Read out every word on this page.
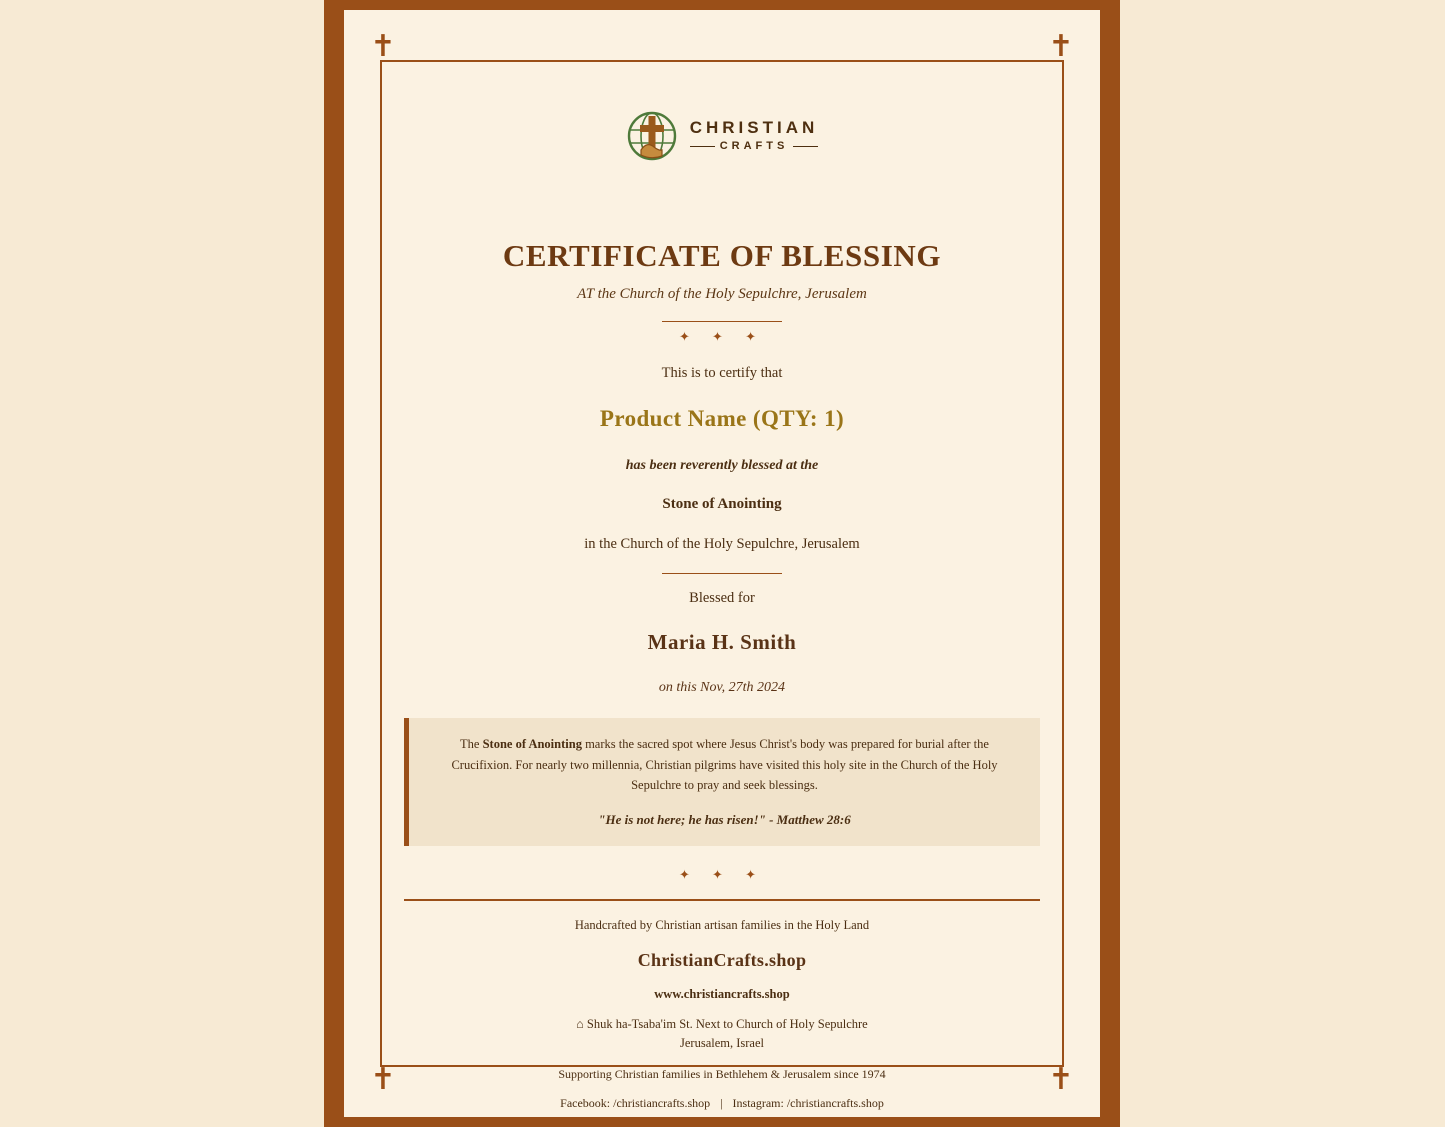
✝	✝
✝	✝
CHRISTIAN
CRAFTS
CERTIFICATE OF BLESSING
AT the Church of the Holy Sepulchre, Jerusalem
✦ ✦ ✦
This is to certify that
Product Name (QTY: 1)
has been reverently blessed at the
Stone of Anointing
in the Church of the Holy Sepulchre, Jerusalem
Blessed for
Maria H. Smith
on this Nov, 27th 2024
The Stone of Anointing marks the sacred spot where Jesus Christ's body was prepared for burial after the Crucifixion. For nearly two millennia, Christian pilgrims have visited this holy site in the Church of the Holy Sepulchre to pray and seek blessings.
"He is not here; he has risen!" - Matthew 28:6
✦ ✦ ✦
Handcrafted by Christian artisan families in the Holy Land
ChristianCrafts.shop
www.christiancrafts.shop
⌂ Shuk ha-Tsaba'im St. Next to Church of Holy Sepulchre
Jerusalem, Israel
Supporting Christian families in Bethlehem & Jerusalem since 1974
Facebook: /christiancrafts.shop | Instagram: /christiancrafts.shop
